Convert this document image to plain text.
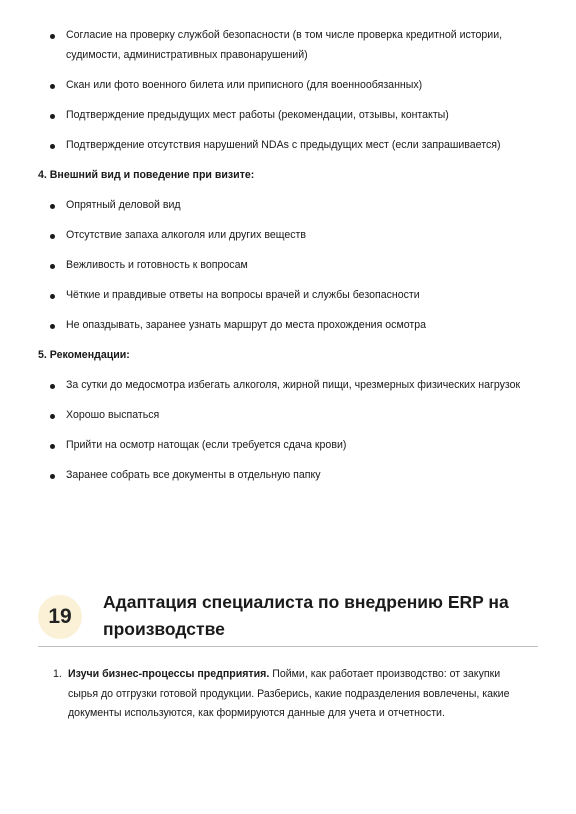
Согласие на проверку службой безопасности (в том числе проверка кредитной истории, судимости, административных правонарушений)
Скан или фото военного билета или приписного (для военнообязанных)
Подтверждение предыдущих мест работы (рекомендации, отзывы, контакты)
Подтверждение отсутствия нарушений NDAs с предыдущих мест (если запрашивается)

4. Внешний вид и поведение при визите:

Опрятный деловой вид
Отсутствие запаха алкоголя или других веществ
Вежливость и готовность к вопросам
Чёткие и правдивые ответы на вопросы врачей и службы безопасности
Не опаздывать, заранее узнать маршрут до места прохождения осмотра

5. Рекомендации:

За сутки до медосмотра избегать алкоголя, жирной пищи, чрезмерных физических нагрузок
Хорошо выспаться
Прийти на осмотр натощак (если требуется сдача крови)
Заранее собрать все документы в отдельную папку
19
Адаптация специалиста по внедрению ERP на производстве
1. Изучи бизнес-процессы предприятия. Пойми, как работает производство: от закупки сырья до отгрузки готовой продукции. Разберись, какие подразделения вовлечены, какие документы используются, как формируются данные для учета и отчетности.
